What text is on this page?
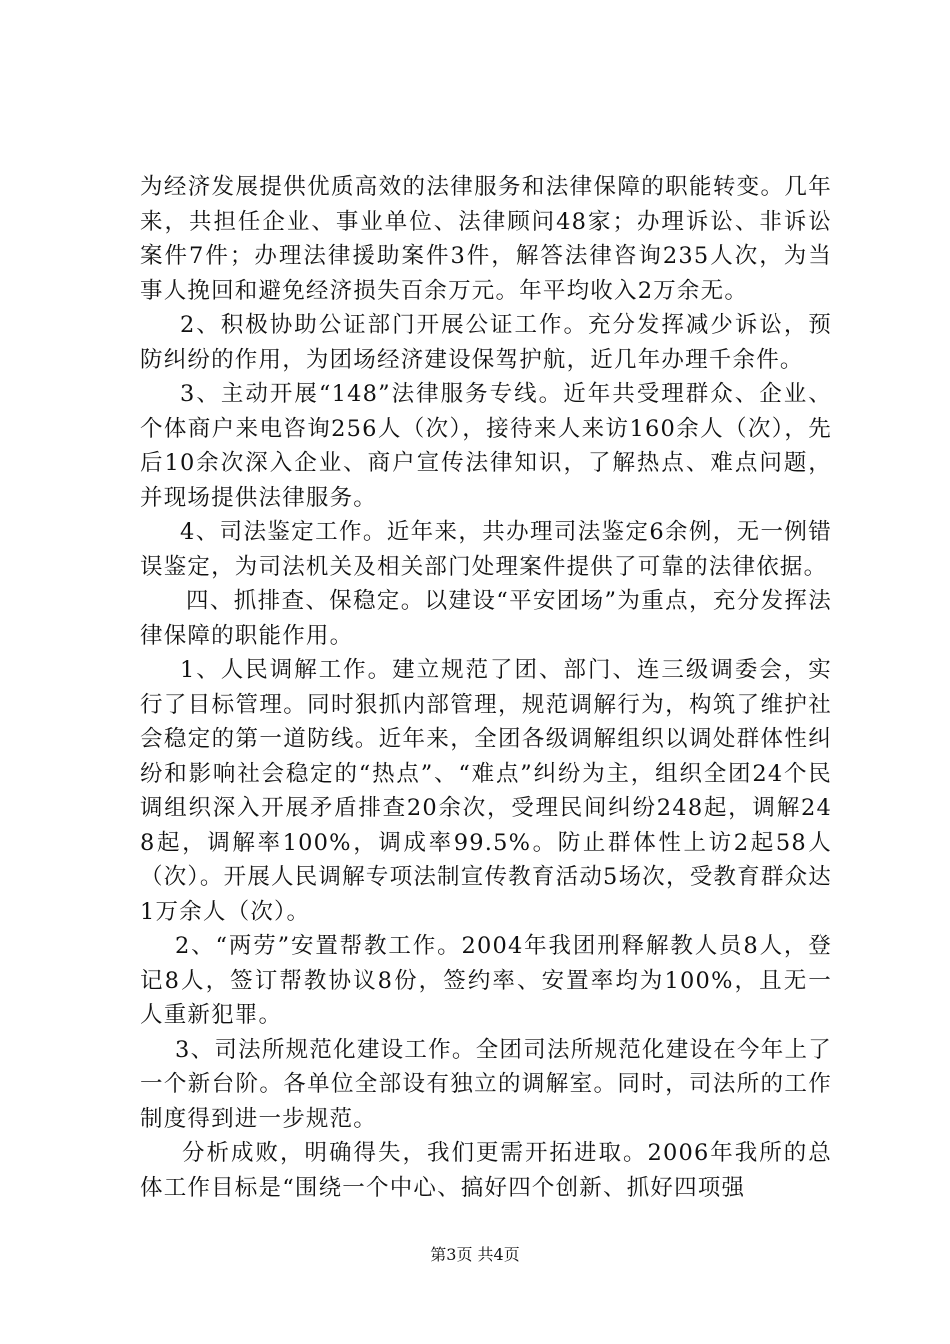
为经济发展提供优质高效的法律服务和法律保障的职能转变。几年来，共担任企业、事业单位、法律顾问48家；办理诉讼、非诉讼案件7件；办理法律援助案件3件，解答法律咨询235人次，为当事人挽回和避免经济损失百余万元。年平均收入2万余无。

2、积极协助公证部门开展公证工作。充分发挥减少诉讼，预防纠纷的作用，为团场经济建设保驾护航，近几年办理千余件。

3、主动开展“148”法律服务专线。近年共受理群众、企业、个体商户来电咨询256人（次），接待来人来访160余人（次），先后10余次深入企业、商户宣传法律知识，了解热点、难点问题，并现场提供法律服务。

4、司法鉴定工作。近年来，共办理司法鉴定6余例，无一例错误鉴定，为司法机关及相关部门处理案件提供了可靠的法律依据。

四、抓排查、保稳定。以建设“平安团场”为重点，充分发挥法律保障的职能作用。

1、人民调解工作。建立规范了团、部门、连三级调委会，实行了目标管理。同时狠抓内部管理，规范调解行为，构筑了维护社会稳定的第一道防线。近年来，全团各级调解组织以调处群体性纠纷和影响社会稳定的“热点”、“难点”纠纷为主，组织全团24个民调组织深入开展矛盾排查20余次，受理民间纠纷248起，调解248起，调解率100%，调成率99.5%。防止群体性上访2起58人（次）。开展人民调解专项法制宣传教育活动5场次，受教育群众达1万余人（次）。

2、“两劳”安置帮教工作。2004年我团刑释解教人员8人，登记8人，签订帮教协议8份，签约率、安置率均为100%，且无一人重新犯罪。

3、司法所规范化建设工作。全团司法所规范化建设在今年上了一个新台阶。各单位全部设有独立的调解室。同时，司法所的工作制度得到进一步规范。

分析成败，明确得失，我们更需开拓进取。2006年我所的总体工作目标是“围绕一个中心、搞好四个创新、抓好四项强

第3页 共4页
